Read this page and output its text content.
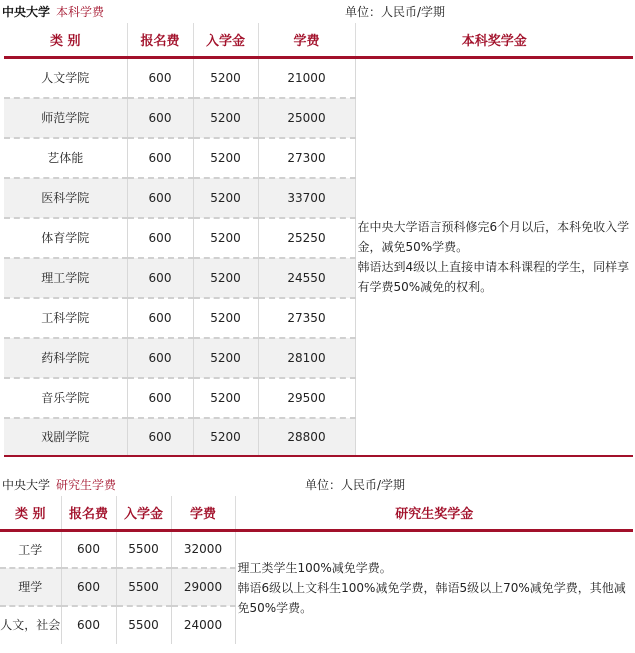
中央大学 本科学费	单位：人民币/学期
类 别	报名费	入学金	学费	本科奖学金
人文学院	600	5200	21000	在中央大学语言预科修完6个月以后，本科免收入学金，减免50%学费。
韩语达到4级以上直接申请本科课程的学生，同样享有学费50%减免的权利。

师范学院	600	5200	25000	
艺体能	600	5200	27300	
医科学院	600	5200	33700	
体育学院	600	5200	25250	
理工学院	600	5200	24550	
工科学院	600	5200	27350	
药科学院	600	5200	28100	
音乐学院	600	5200	29500	
戏剧学院	600	5200	28800	
中央大学 研究生学费	单位：人民币/学期
类 别	报名费	入学金	学费	研究生奖学金
工学	600	5500	32000	理工类学生100%减免学费。
韩语6级以上文科生100%减免学费，韩语5级以上70%减免学费，其他减免50%学费。

理学	600	5500	29000	
人文，社会	600	5500	24000	
